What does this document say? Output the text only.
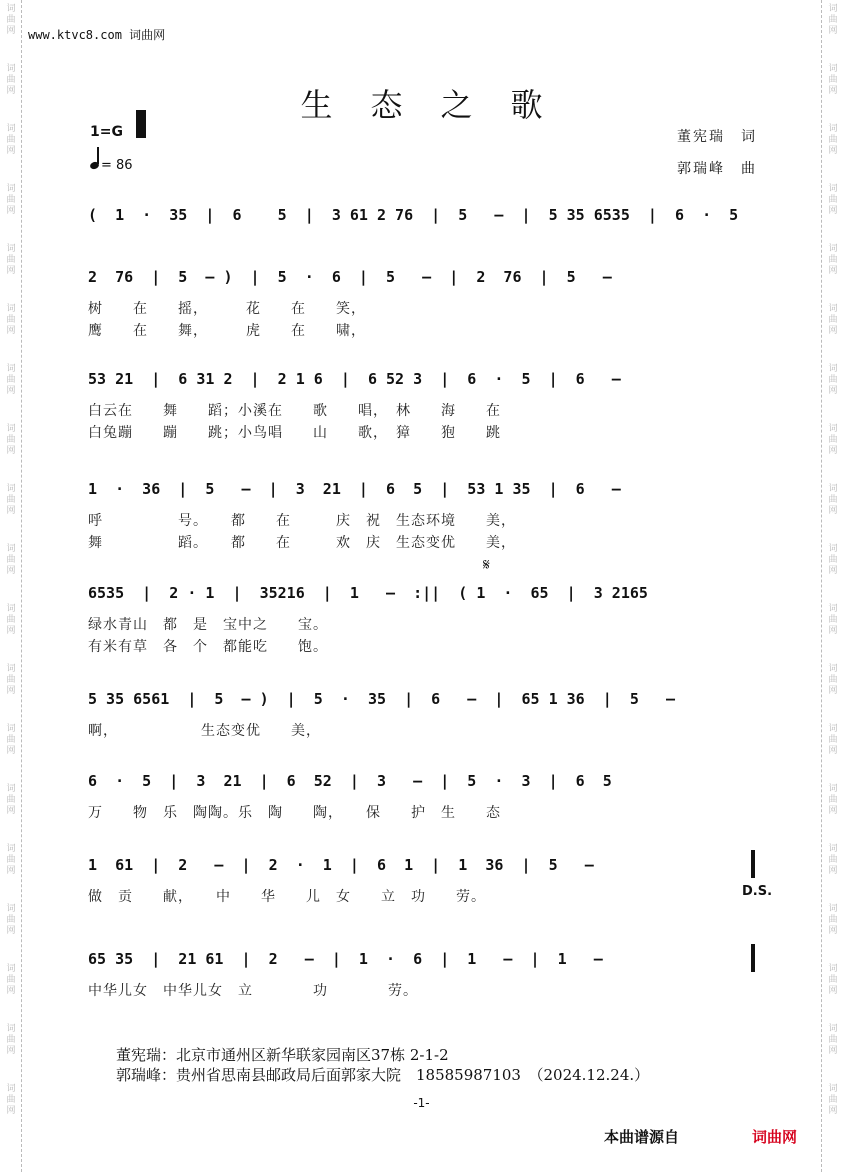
词
曲
网
词
曲
网
词
曲
网
词
曲
网
词
曲
网
词
曲
网
词
曲
网
词
曲
网
词
曲
网
词
曲
网
词
曲
网
词
曲
网
词
曲
网
词
曲
网
词
曲
网
词
曲
网
词
曲
网
词
曲
网
词
曲
网
词
曲
网
词
曲
网
词
曲
网
词
曲
网
词
曲
网
词
曲
网
词
曲
网
词
曲
网
词
曲
网
词
曲
网
词
曲
网
词
曲
网
词
曲
网
词
曲
网
词
曲
网
词
曲
网
词
曲
网
词
曲
网
词
曲
网
www.ktvc8.com 词曲网
生态之歌
1=G
= 86
董宪瑞　词
郭瑞峰　曲
(  1  ·  35  |  6    5  |  3 61 2 76  |  5   –  |  5 35 6535  |  6  ·  5
2  76  |  5  – )  |  5  ·  6  |  5   –  |  2  76  |  5   –
树　　在　　摇，　　　花　　在　　笑，
鹰　　在　　舞，　　　虎　　在　　啸，
53 21  |  6 31 2  |  2 1 6  |  6 52 3  |  6  ·  5  |  6   –
白云在　　舞　　蹈；小溪在　　歌　　唱，　林　　海　　在
白兔蹦　　蹦　　跳；小鸟唱　　山　　歌，　獐　　狍　　跳
1  ·  36  |  5   –  |  3  21  |  6  5  |  53 1 35  |  6   –
呼　　　　　号。　　都　　在　　　庆　祝　生态环境　　美，
舞　　　　　蹈。　　都　　在　　　欢　庆　生态变优　　美，
6535  |  2 · 1  |  35216  |  1   –  :||  ( 1  ·  65  |  3 2165
绿水青山　都　是　宝中之　　宝。
有米有草　各　个　都能吃　　饱。
5 35 6561  |  5  – )  |  5  ·  35  |  6   –  |  65 1 36  |  5   –
啊，　　　　　　生态变优　　美，
6  ·  5  |  3  21  |  6  52  |  3   –  |  5  ·  3  |  6  5
万　　物　乐　陶陶。乐　陶　　陶，　　保　　护　生　　态
1  61  |  2   –  |  2  ·  1  |  6  1  |  1  36  |  5   –
做　贡　　献，　　中　　华　　儿　女　　立　功　　劳。
65 35  |  21 61  |  2   –  |  1  ·  6  |  1   –  |  1   –
中华儿女　中华儿女　立　　　　功　　　　劳。
𝄋
D.S.
董宪瑞：北京市通州区新华联家园南区37栋 2-1-2
郭瑞峰：贵州省思南县邮政局后面郭家大院　18585987103　（2024.12.24.）
-1-
本曲谱源自	词曲网
